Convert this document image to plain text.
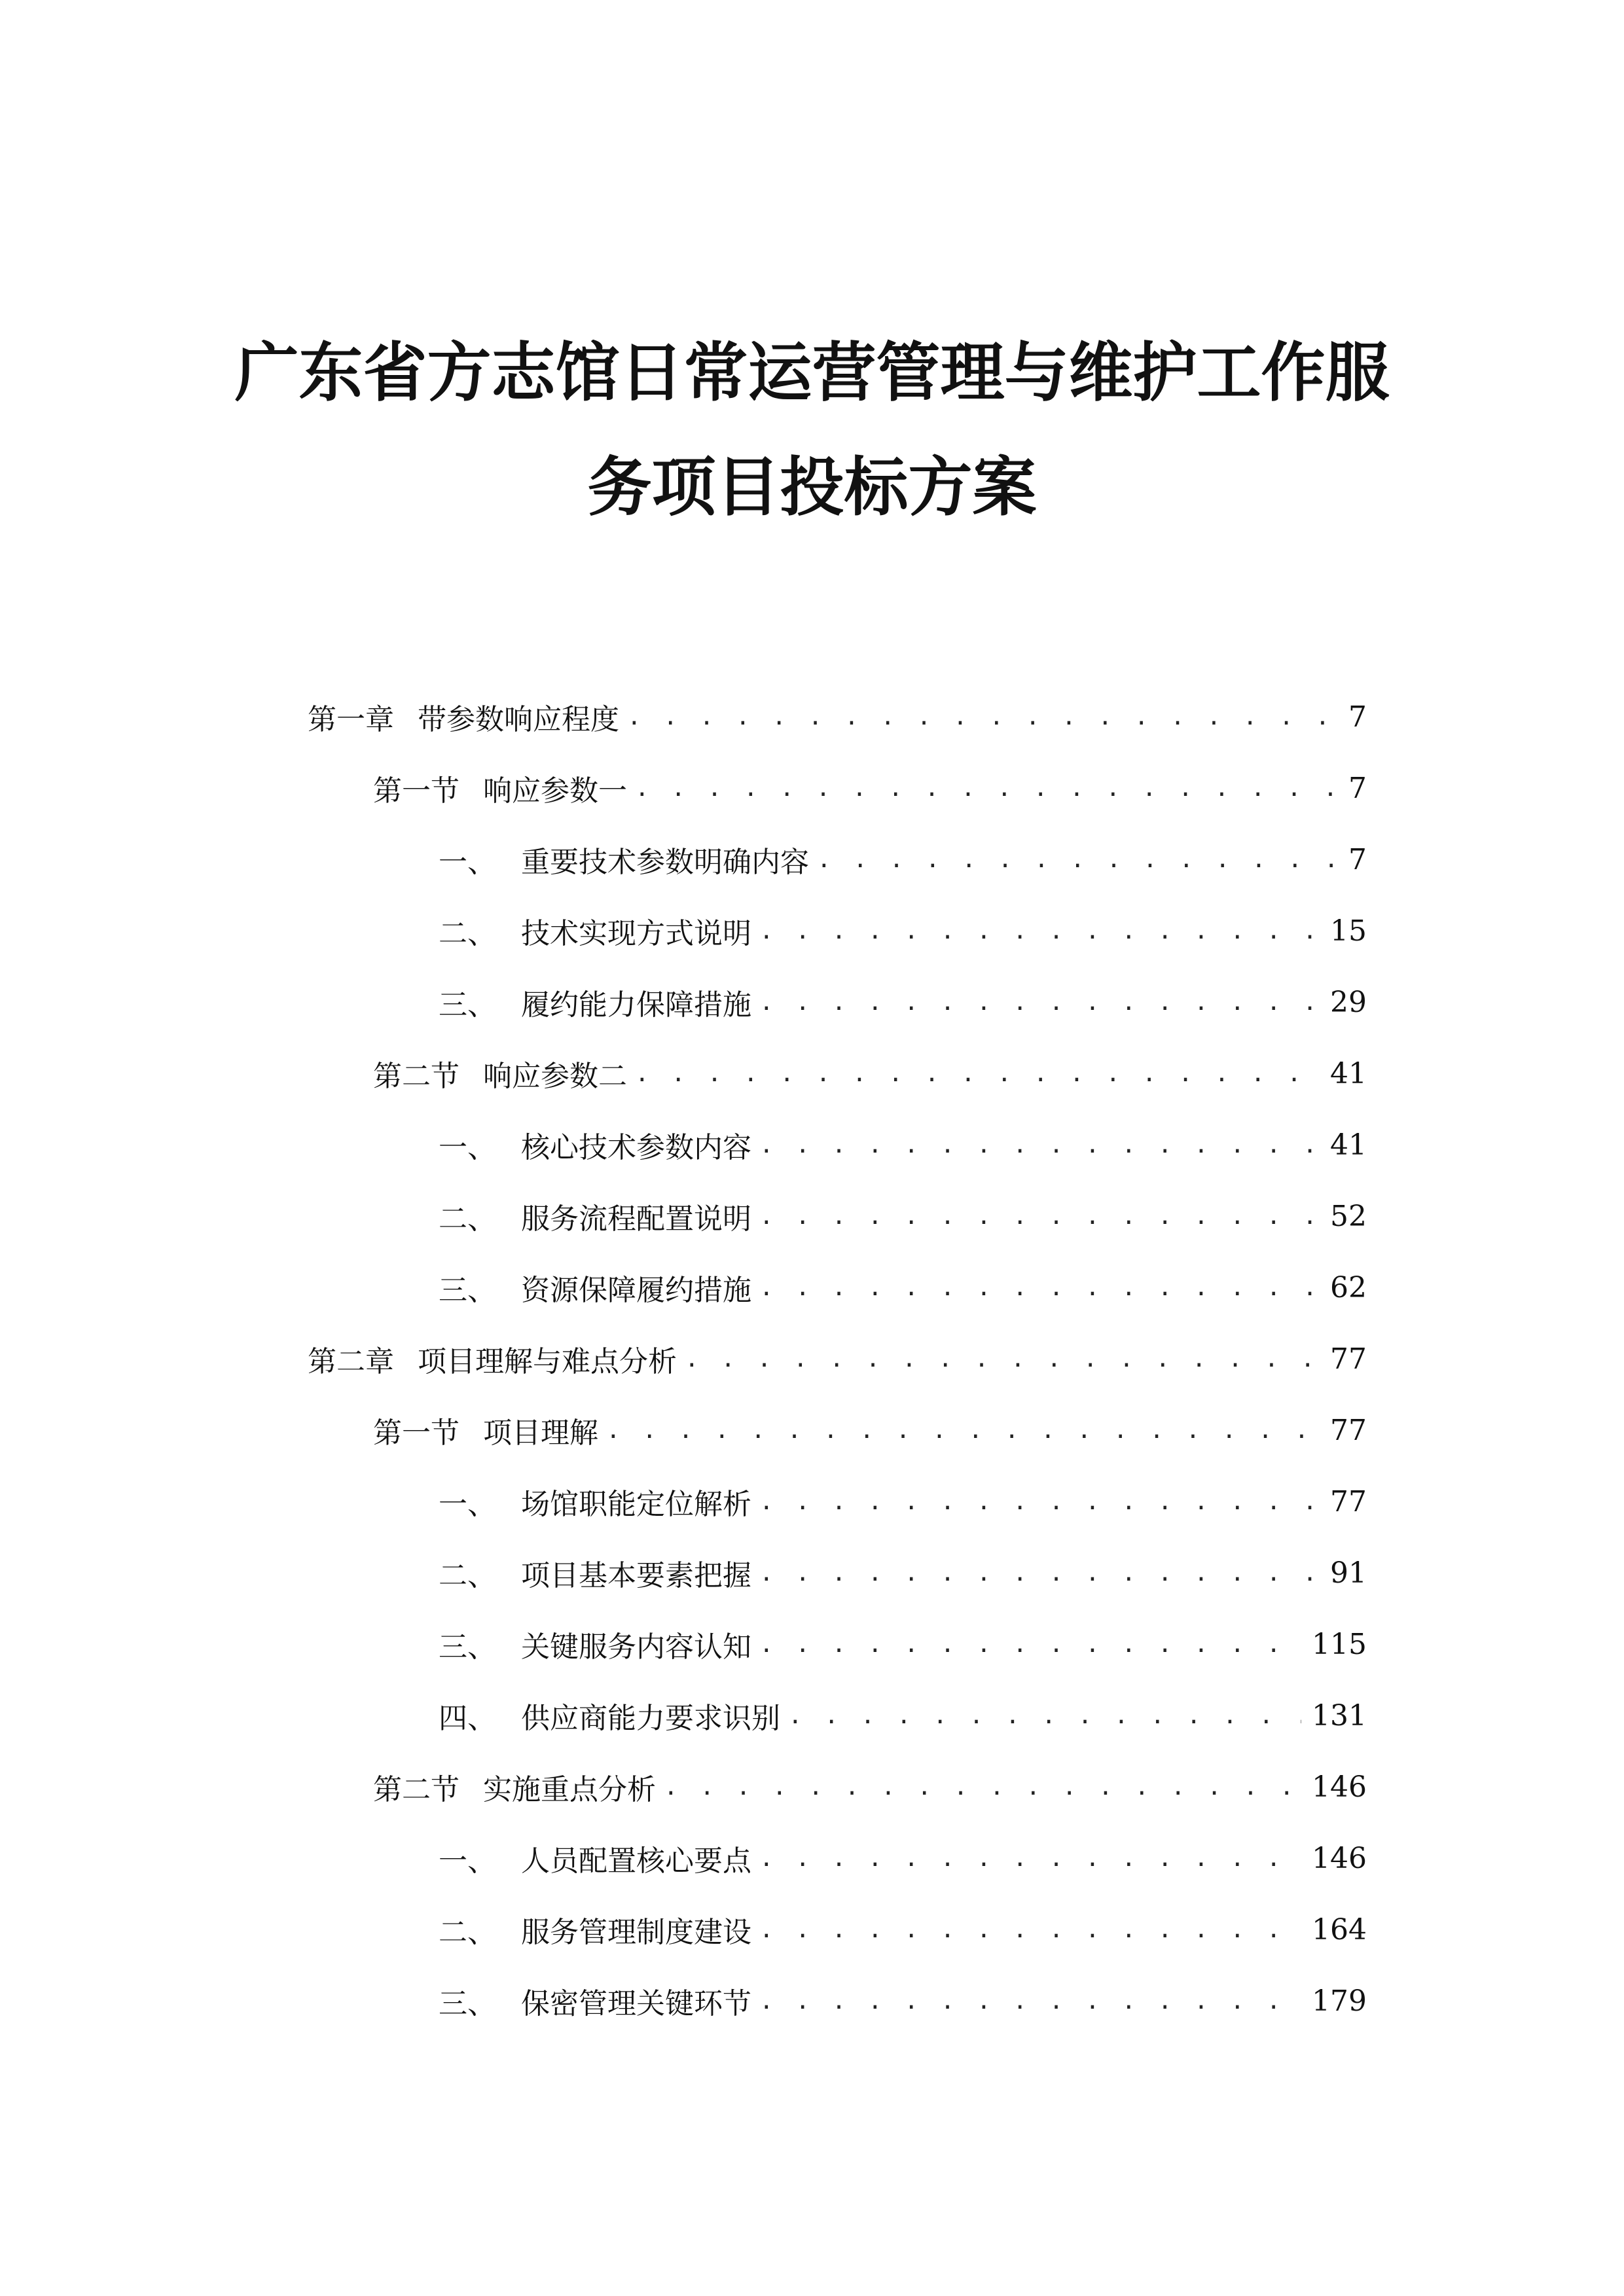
广东省方志馆日常运营管理与维护工作服
务项目投标方案
第一章 带参数响应程度 . . .	7
第一节 响应参数一 . . .	7
一、 重要技术参数明确内容 . . .	7
二、 技术实现方式说明 . . .	15
三、 履约能力保障措施 . . .	29
第二节 响应参数二 . . .	41
一、 核心技术参数内容 . . .	41
二、 服务流程配置说明 . . .	52
三、 资源保障履约措施 . . .	62
第二章 项目理解与难点分析 . . .	77
第一节 项目理解 . . .	77
一、 场馆职能定位解析 . . .	77
二、 项目基本要素把握 . . .	91
三、 关键服务内容认知 . . .	115
四、 供应商能力要求识别 . . .	131
第二节 实施重点分析 . . .	146
一、 人员配置核心要点 . . .	146
二、 服务管理制度建设 . . .	164
三、 保密管理关键环节 . . .	179
